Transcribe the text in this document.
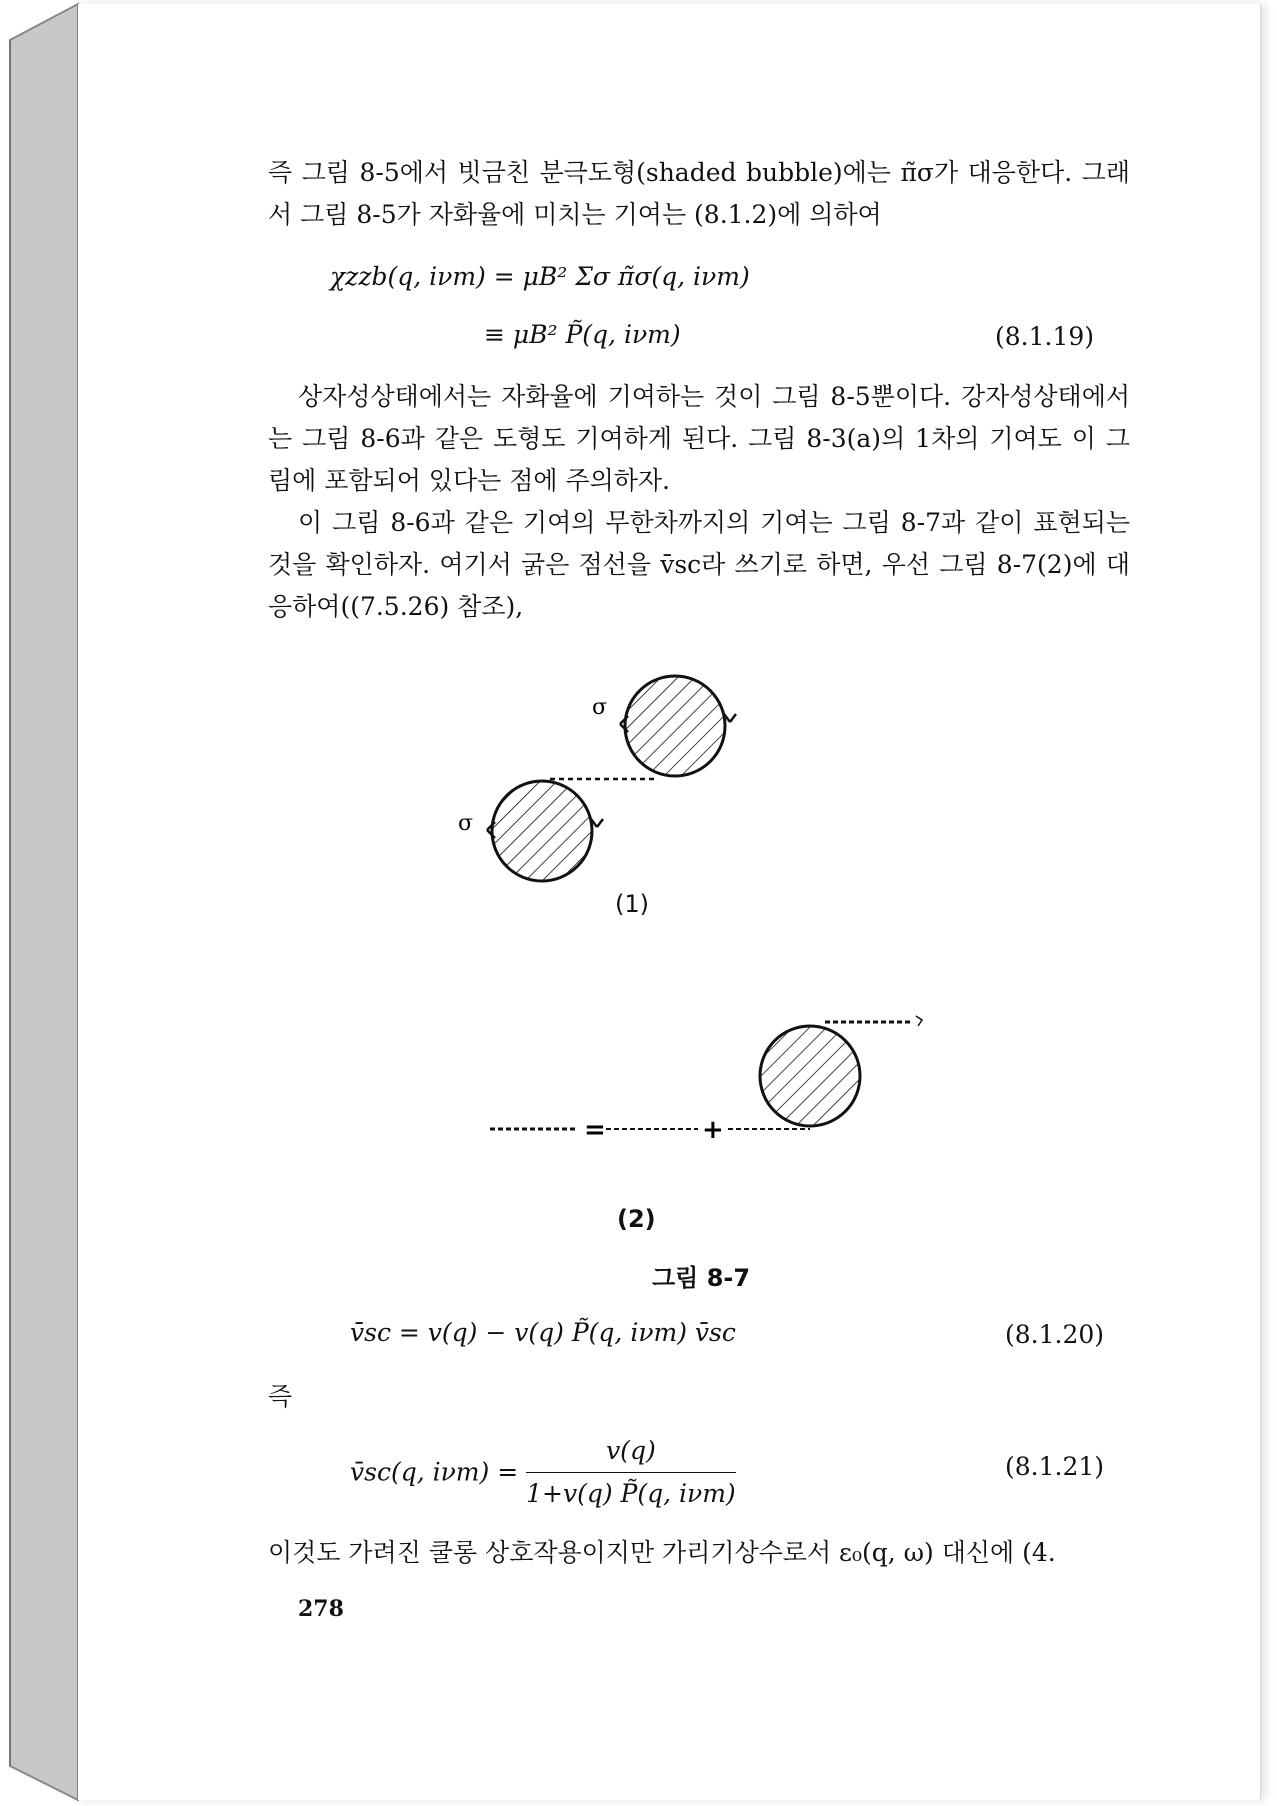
즉 그림 8-5에서 빗금친 분극도형(shaded bubble)에는 π̃σ가 대응한다. 그래서 그림 8-5가 자화율에 미치는 기여는 (8.1.2)에 의하여

χzzb(q, iνm) = μB² Σσ π̃σ(q, iνm)
≡ μB² P̃(q, iνm)	(8.1.19)

상자성상태에서는 자화율에 기여하는 것이 그림 8-5뿐이다. 강자성상태에서는 그림 8-6과 같은 도형도 기여하게 된다. 그림 8-3(a)의 1차의 기여도 이 그림에 포함되어 있다는 점에 주의하자.

이 그림 8-6과 같은 기여의 무한차까지의 기여는 그림 8-7과 같이 표현되는 것을 확인하자. 여기서 굵은 점선을 v̄sc라 쓰기로 하면, 우선 그림 8-7(2)에 대응하여((7.5.26) 참조),

σ
σ
(1)
=	+
(2)
그림 8-7
v̄sc = v(q) − v(q) P̃(q, iνm) v̄sc	(8.1.20)

즉

v̄sc(q, $i\nu m) = \frac{v(q)}{\text{1+v(q) P̃(q, iνm)}}$	(8.1.21)

이것도 가려진 쿨롱 상호작용이지만 가리기상수로서 ε₀(q, ω) 대신에 (4.

278
